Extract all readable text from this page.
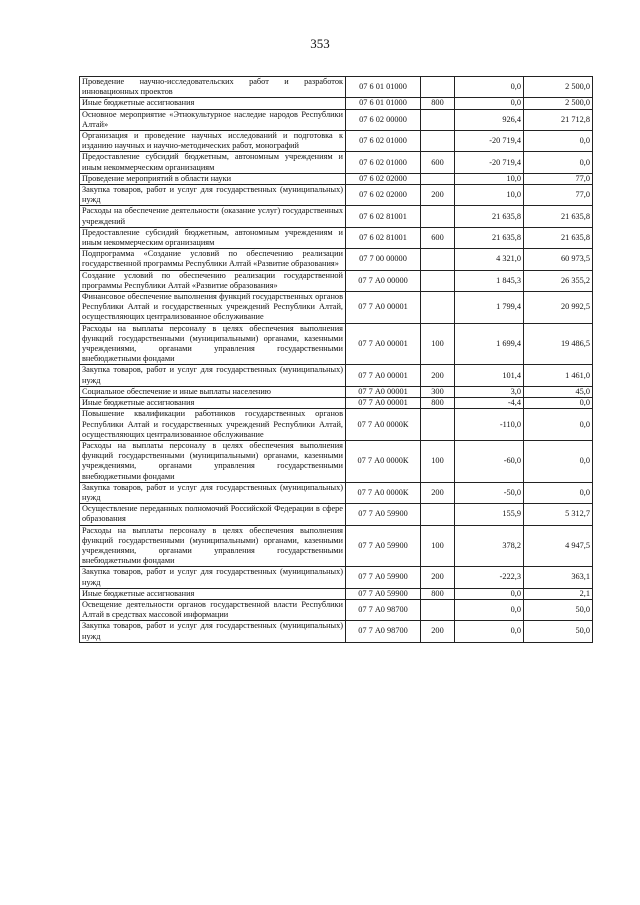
353
Проведение научно-исследовательских работ и разработок инновационных проектов	07 6 01 01000		0,0	2 500,0
Иные бюджетные ассигнования	07 6 01 01000	800	0,0	2 500,0
Основное мероприятие «Этнокультурное наследие народов Республики Алтай»	07 6 02 00000		926,4	21 712,8
Организация и проведение научных исследований и подготовка к изданию научных и научно-методических работ, монографий	07 6 02 01000		-20 719,4	0,0
Предоставление субсидий бюджетным, автономным учреждениям и иным некоммерческим организациям	07 6 02 01000	600	-20 719,4	0,0
Проведение мероприятий в области науки	07 6 02 02000		10,0	77,0
Закупка товаров, работ и услуг для государственных (муниципальных) нужд	07 6 02 02000	200	10,0	77,0
Расходы на обеспечение деятельности (оказание услуг) государственных учреждений	07 6 02 81001		21 635,8	21 635,8
Предоставление субсидий бюджетным, автономным учреждениям и иным некоммерческим организациям	07 6 02 81001	600	21 635,8	21 635,8
Подпрограмма «Создание условий по обеспечению реализации государственной программы Республики Алтай «Развитие образования»	07 7 00 00000		4 321,0	60 973,5
Создание условий по обеспечению реализации государственной программы Республики Алтай «Развитие образования»	07 7 А0 00000		1 845,3	26 355,2
Финансовое обеспечение выполнения функций государственных органов Республики Алтай и государственных учреждений Республики Алтай, осуществляющих централизованное обслуживание	07 7 А0 00001		1 799,4	20 992,5
Расходы на выплаты персоналу в целях обеспечения выполнения функций государственными (муниципальными) органами, казенными учреждениями, органами управления государственными внебюджетными фондами	07 7 А0 00001	100	1 699,4	19 486,5
Закупка товаров, работ и услуг для государственных (муниципальных) нужд	07 7 А0 00001	200	101,4	1 461,0
Социальное обеспечение и иные выплаты населению	07 7 А0 00001	300	3,0	45,0
Иные бюджетные ассигнования	07 7 А0 00001	800	-4,4	0,0
Повышение квалификации работников государственных органов Республики Алтай и государственных учреждений Республики Алтай, осуществляющих централизованное обслуживание	07 7 А0 0000К		-110,0	0,0
Расходы на выплаты персоналу в целях обеспечения выполнения функций государственными (муниципальными) органами, казенными учреждениями, органами управления государственными внебюджетными фондами	07 7 А0 0000К	100	-60,0	0,0
Закупка товаров, работ и услуг для государственных (муниципальных) нужд	07 7 А0 0000К	200	-50,0	0,0
Осуществление переданных полномочий Российской Федерации в сфере образования	07 7 А0 59900		155,9	5 312,7
Расходы на выплаты персоналу в целях обеспечения выполнения функций государственными (муниципальными) органами, казенными учреждениями, органами управления государственными внебюджетными фондами	07 7 А0 59900	100	378,2	4 947,5
Закупка товаров, работ и услуг для государственных (муниципальных) нужд	07 7 А0 59900	200	-222,3	363,1
Иные бюджетные ассигнования	07 7 А0 59900	800	0,0	2,1
Освещение деятельности органов государственной власти Республики Алтай в средствах массовой информации	07 7 А0 98700		0,0	50,0
Закупка товаров, работ и услуг для государственных (муниципальных) нужд	07 7 А0 98700	200	0,0	50,0
